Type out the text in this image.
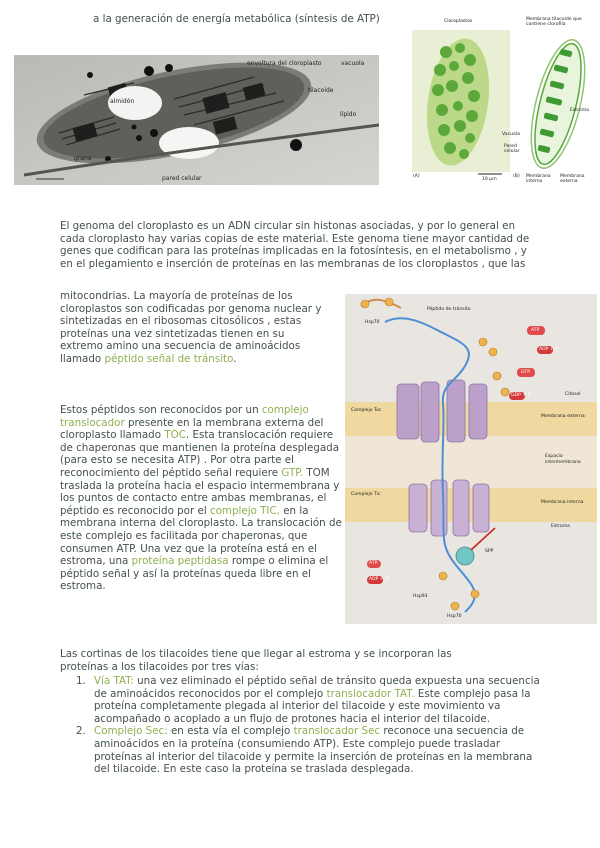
a la generación de energía metabólica (síntesis de ATP)
envoltura del cloroplasto	vacuola
almidón
tilacoide
lípido
grana
pared celular
Cloroplastos	Membrana tilacoide que contiene clorofila
Estroma
Vacuola
Pared celular
(A)
10 μm
(B) Membrana interna
Membrana externa
El genoma del cloroplasto es un ADN circular sin histonas asociadas, y por lo general en cada cloroplasto hay varias copias de este material. Este genoma tiene mayor cantidad de genes que codifican para las proteínas implicadas en la fotosíntesis, en el metabolismo , y en el plegamiento e inserción de proteínas en las membranas de los cloroplastos , que las
mitocondrias. La mayoría de proteínas de los cloroplastos son codificadas por genoma nuclear y sintetizadas en el ribosomas citosólicos , estas proteínas una vez sintetizadas tienen en su extremo amino una secuencia de aminoácidos llamado péptido señal de tránsito.
Estos péptidos son reconocidos por un complejo translocador presente en la membrana externa del cloroplasto llamado TOC. Esta translocación requiere de chaperonas que mantienen la proteína desplegada (para esto se necesita ATP) . Por otra parte el reconocimiento del péptido señal requiere GTP. TOM traslada la proteína hacia el espacio intermembrana y los puntos de contacto entre ambas membranas, el péptido es reconocido por el complejo TIC, en la membrana interna del cloroplasto. La translocación de este complejo es facilitada por chaperonas, que consumen ATP. Una vez que la proteína está en el estroma, una proteína peptidasa rompe o elimina el péptido señal y así la proteínas queda libre en el estroma.
Péptido de tránsito
Hsp70
ATP
ADP + Pi
GTP
GDP + Pi	Citosol
Complejo Toc
Membrana externa
Espacio intermembrana
Complejo Tic
Membrana interna
Estroma
ATP
ADP + Pi
Hsp93
SPP
Hsp70
Las cortinas de los tilacoides tiene que llegar al estroma y se incorporan las proteínas a los tilacoides por tres vías:
1. Vía TAT: una vez eliminado el péptido señal de tránsito queda expuesta una secuencia de aminoácidos reconocidos por el complejo translocador TAT. Este complejo pasa la proteína completamente plegada al interior del tilacoide y este movimiento va acompañado o acoplado a un flujo de protones hacia el interior del tilacoide.
2. Complejo Sec: en esta vía el complejo translocador Sec reconoce una secuencia de aminoácidos en la proteína (consumiendo ATP). Este complejo puede trasladar proteínas al interior del tilacoide y permite la inserción de proteínas en la membrana del tilacoide. En este caso la proteína se traslada desplegada.
